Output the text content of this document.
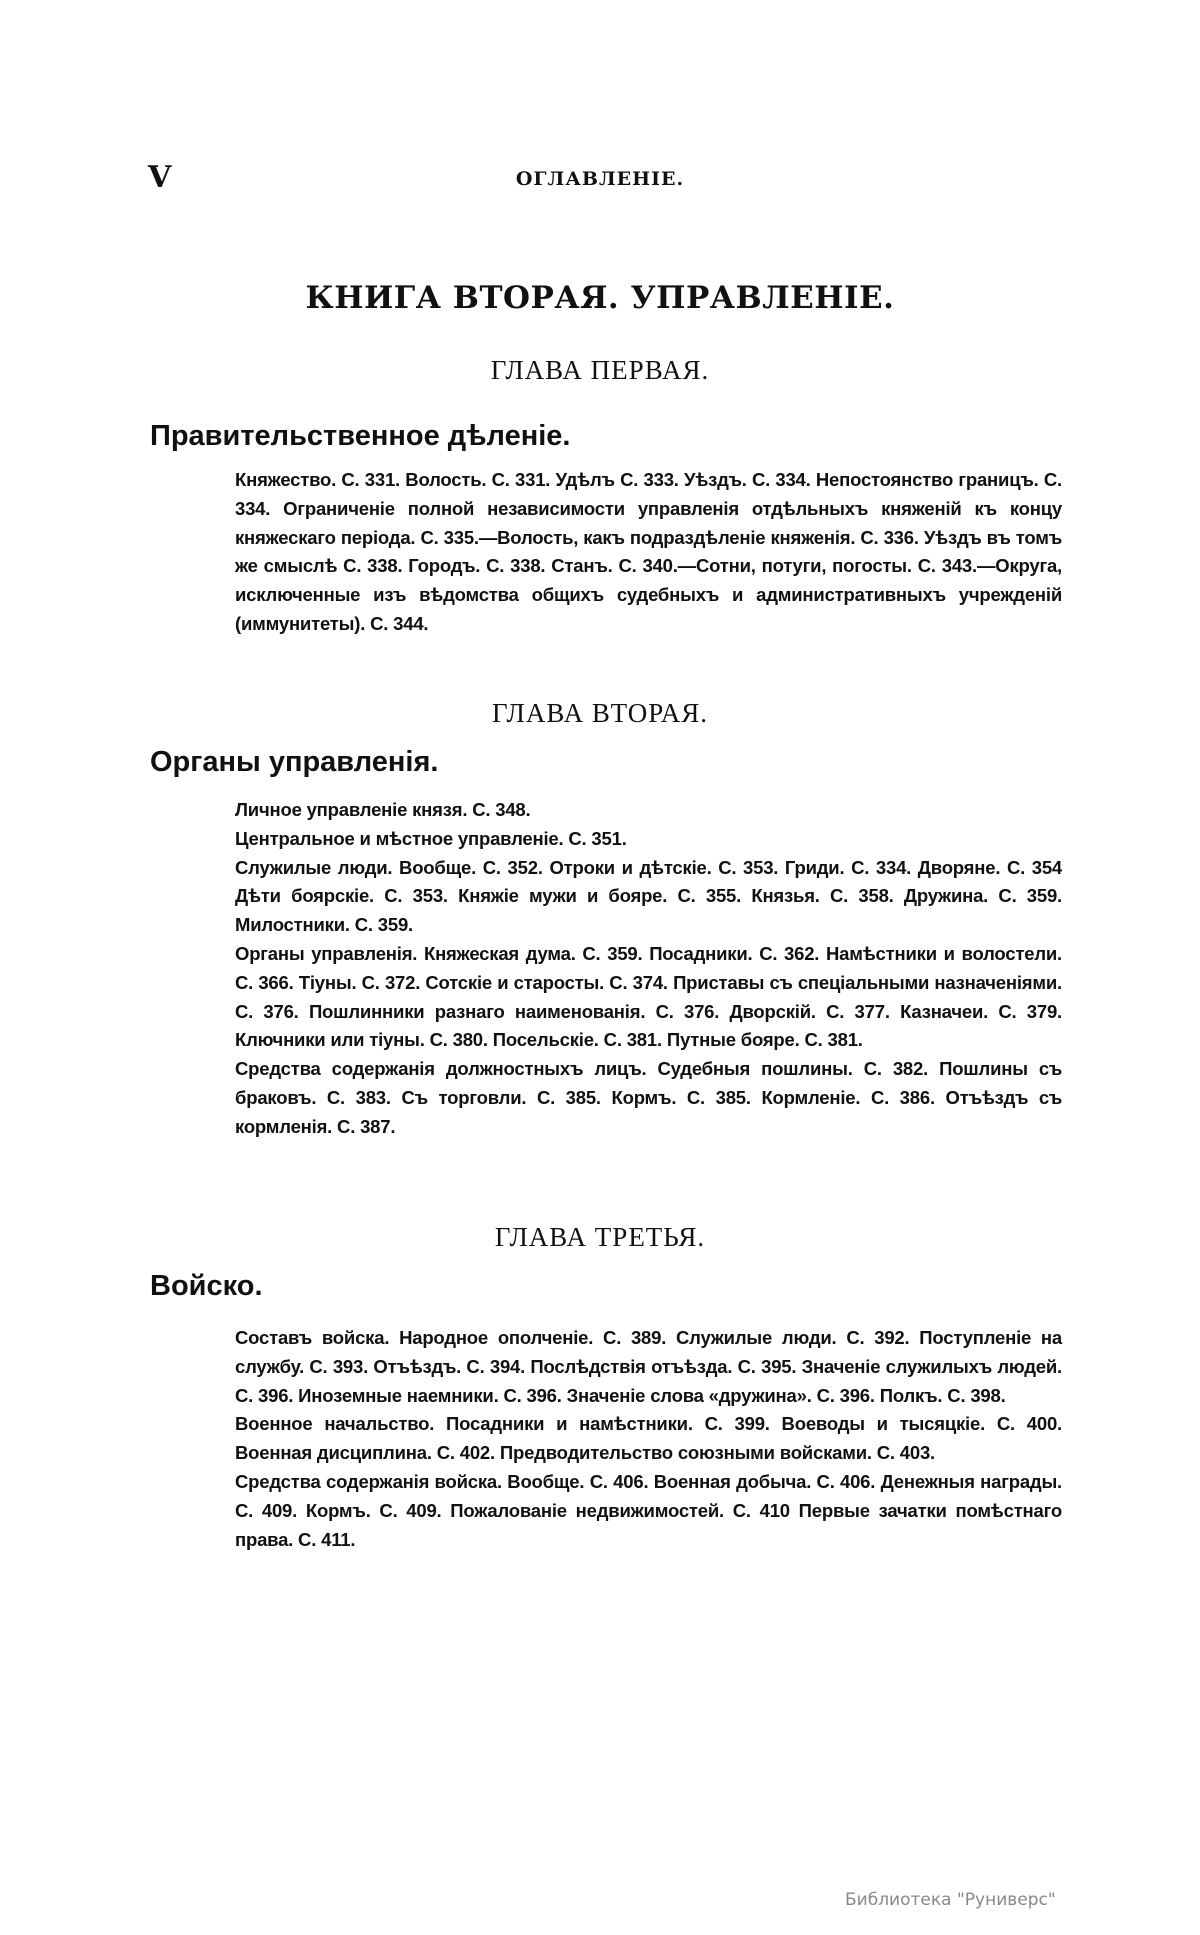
V	ОГЛАВЛЕНIЕ.
КНИГА ВТОРАЯ. УПРАВЛЕНIЕ.
ГЛАВА ПЕРВАЯ.
Правительственное дѣленiе.

Княжество. С. 331. Волость. С. 331. Удѣлъ С. 333. Уѣздъ. С. 334. Непостоянство границъ. С. 334. Ограниченiе полной независимости управленiя отдѣльныхъ княженiй къ концу княжескаго перiода. С. 335.—Волость, какъ подраздѣленiе княженiя. С. 336. Уѣздъ въ томъ же смыслѣ С. 338. Городъ. С. 338. Станъ. С. 340.—Сотни, потуги, погосты. С. 343.—Округа, исключенные изъ вѣдомства общихъ судебныхъ и административныхъ учрежденiй (иммунитеты). С. 344.

ГЛАВА ВТОРАЯ.
Органы управленiя.

Личное управленiе князя. С. 348.

Центральное и мѣстное управленiе. С. 351.

Служилые люди. Вообще. С. 352. Отроки и дѣтскiе. С. 353. Гриди. С. 334. Дворяне. С. 354 Дѣти боярскiе. С. 353. Княжiе мужи и бояре. С. 355. Князья. С. 358. Дружина. С. 359. Милостники. С. 359.

Органы управленiя. Княжеская дума. С. 359. Посадники. С. 362. Намѣстники и волостели. С. 366. Тiуны. С. 372. Сотскiе и старосты. С. 374. Приставы съ спецiальными назначенiями. С. 376. Пошлинники разнаго наименованiя. С. 376. Дворскiй. С. 377. Казначеи. С. 379. Ключники или тiуны. С. 380. Посельскiе. С. 381. Путные бояре. С. 381.

Средства содержанiя должностныхъ лицъ. Судебныя пошлины. С. 382. Пошлины съ браковъ. С. 383. Съ торговли. С. 385. Кормъ. С. 385. Кормленiе. С. 386. Отъѣздъ съ кормленiя. С. 387.

ГЛАВА ТРЕТЬЯ.
Войско.

Составъ войска. Народное ополченiе. С. 389. Служилые люди. С. 392. Поступленiе на службу. С. 393. Отъѣздъ. С. 394. Послѣдствiя отъѣзда. С. 395. Значенiе служилыхъ людей. С. 396. Иноземные наемники. С. 396. Значенiе слова «дружина». С. 396. Полкъ. С. 398.

Военное начальство. Посадники и намѣстники. С. 399. Воеводы и тысяцкiе. С. 400. Военная дисциплина. С. 402. Предводительство союзными войсками. С. 403.

Средства содержанiя войска. Вообще. С. 406. Военная добыча. С. 406. Денежныя награды. С. 409. Кормъ. С. 409. Пожалованiе недвижимостей. С. 410 Первые зачатки помѣстнаго права. С. 411.

Библиотека "Руниверс"
